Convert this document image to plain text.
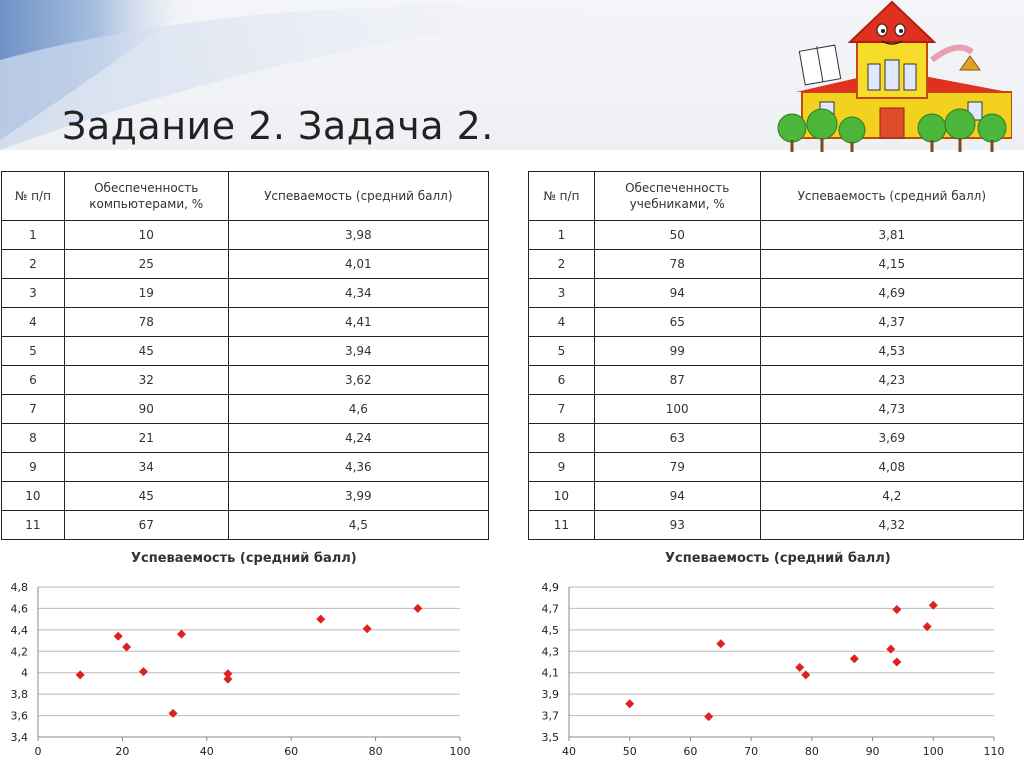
Задание 2. Задача 2.
№ п/п	Обеспеченность компьютерами, %	Успеваемость (средний балл)
1	10	3,98
2	25	4,01
3	19	4,34
4	78	4,41
5	45	3,94
6	32	3,62
7	90	4,6
8	21	4,24
9	34	4,36
10	45	3,99
11	67	4,5
№ п/п	Обеспеченность учебниками, %	Успеваемость (средний балл)
1	50	3,81
2	78	4,15
3	94	4,69
4	65	4,37
5	99	4,53
6	87	4,23
7	100	4,73
8	63	3,69
9	79	4,08
10	94	4,2
11	93	4,32
Успеваемость (средний балл)	Успеваемость (средний балл)
3,4
3,6
3,8
4
4,2
4,4
4,6
4,8
0	20	40	60	80	100
3,5
3,7
3,9
4,1
4,3
4,5
4,7
4,9
40	50	60	70	80	90	100	110
